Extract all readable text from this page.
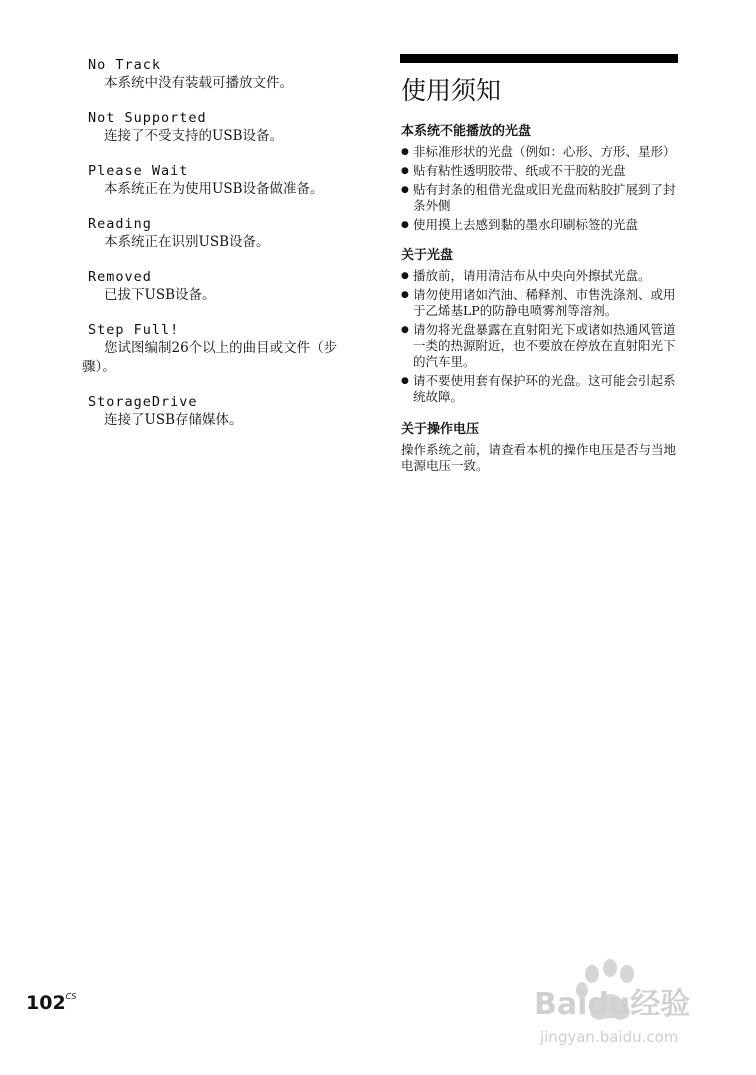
No Track
本系统中没有装载可播放文件。
Not Supported
连接了不受支持的USB设备。
Please Wait
本系统正在为使用USB设备做准备。
Reading
本系统正在识别USB设备。
Removed
已拔下USB设备。
Step Full!
您试图编制26个以上的曲目或文件（步骤）。
StorageDrive
连接了USB存储媒体。
使用须知
本系统不能播放的光盘
● 非标准形状的光盘（例如：心形、方形、星形）
● 贴有粘性透明胶带、纸或不干胶的光盘
● 贴有封条的租借光盘或旧光盘而粘胶扩展到了封条外侧
● 使用摸上去感到黏的墨水印刷标签的光盘
关于光盘
● 播放前，请用清洁布从中央向外擦拭光盘。
● 请勿使用诸如汽油、稀释剂、市售洗涤剂、或用于乙烯基LP的防静电喷雾剂等溶剂。
● 请勿将光盘暴露在直射阳光下或诸如热通风管道一类的热源附近，也不要放在停放在直射阳光下的汽车里。
● 请不要使用套有保护环的光盘。这可能会引起系统故障。
关于操作电压
操作系统之前，请查看本机的操作电压是否与当地电源电压一致。
$102^{CS}$	Baidu经验
jingyan.baidu.com
